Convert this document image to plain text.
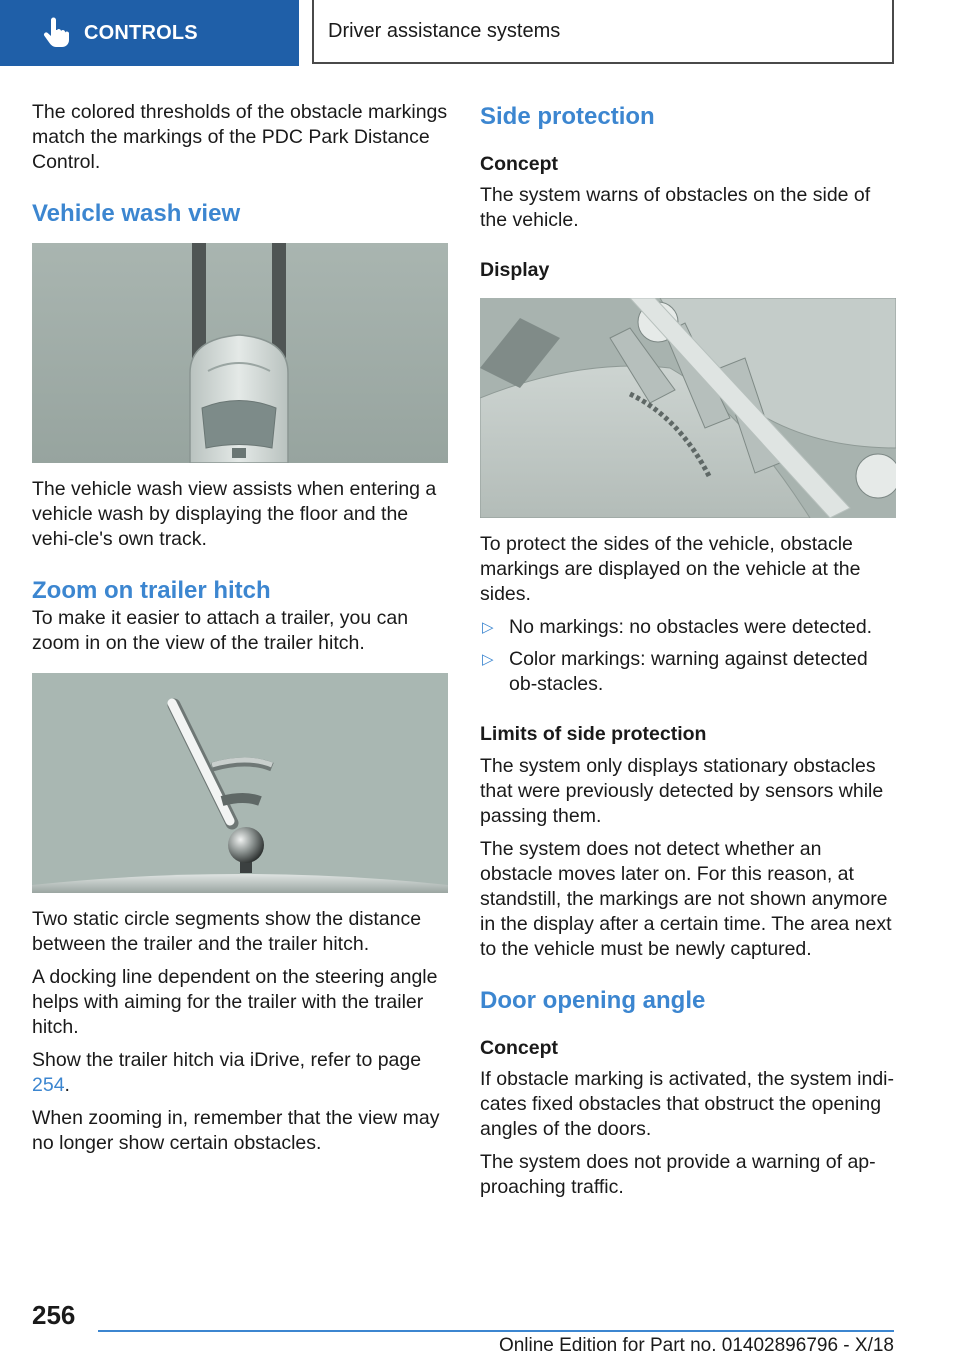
CONTROLS	Driver assistance systems

The colored thresholds of the obstacle markings match the markings of the PDC Park Distance Control.

Vehicle wash view

The vehicle wash view assists when entering a vehicle wash by displaying the floor and the vehi‐cle's own track.

Zoom on trailer hitch

To make it easier to attach a trailer, you can zoom in on the view of the trailer hitch.

Two static circle segments show the distance between the trailer and the trailer hitch.

A docking line dependent on the steering angle helps with aiming for the trailer with the trailer hitch.

Show the trailer hitch via iDrive, refer to page 254.

When zooming in, remember that the view may no longer show certain obstacles.

Side protection
Concept

The system warns of obstacles on the side of the vehicle.

Display

To protect the sides of the vehicle, obstacle markings are displayed on the vehicle at the sides.

▷ No markings: no obstacles were detected.
▷ Color markings: warning against detected ob‐stacles.
Limits of side protection

The system only displays stationary obstacles that were previously detected by sensors while passing them.

The system does not detect whether an obstacle moves later on. For this reason, at standstill, the markings are not shown anymore in the display after a certain time. The area next to the vehicle must be newly captured.

Door opening angle
Concept

If obstacle marking is activated, the system indi‐cates fixed obstacles that obstruct the opening angles of the doors.

The system does not provide a warning of ap‐proaching traffic.

256
Online Edition for Part no. 01402896796 - X/18
